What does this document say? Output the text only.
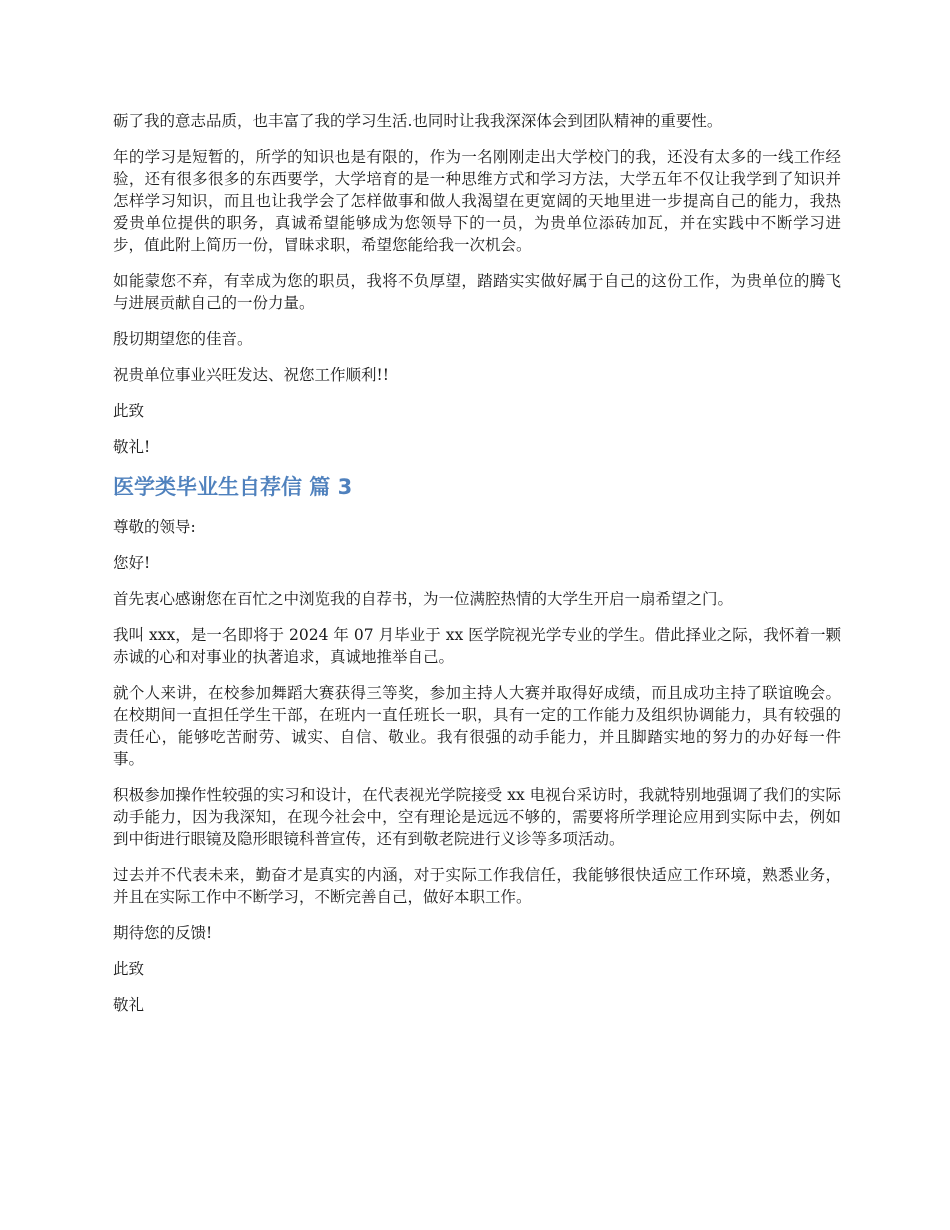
砺了我的意志品质，也丰富了我的学习生活.也同时让我我深深体会到团队精神的重要性。

年的学习是短暂的，所学的知识也是有限的，作为一名刚刚走出大学校门的我，还没有太多的一线工作经验，还有很多很多的东西要学，大学培育的是一种思维方式和学习方法，大学五年不仅让我学到了知识并怎样学习知识，而且也让我学会了怎样做事和做人我渴望在更宽阔的天地里进一步提高自己的能力，我热爱贵单位提供的职务，真诚希望能够成为您领导下的一员，为贵单位添砖加瓦，并在实践中不断学习进步，值此附上简历一份，冒昧求职，希望您能给我一次机会。

如能蒙您不弃，有幸成为您的职员，我将不负厚望，踏踏实实做好属于自己的这份工作，为贵单位的腾飞与进展贡献自己的一份力量。

殷切期望您的佳音。

祝贵单位事业兴旺发达、祝您工作顺利!!

此致

敬礼!

医学类毕业生自荐信 篇 3

尊敬的领导:

您好!

首先衷心感谢您在百忙之中浏览我的自荐书，为一位满腔热情的大学生开启一扇希望之门。

我叫 xxx，是一名即将于 2024 年 07 月毕业于 xx 医学院视光学专业的学生。借此择业之际，我怀着一颗赤诚的心和对事业的执著追求，真诚地推举自己。

就个人来讲，在校参加舞蹈大赛获得三等奖，参加主持人大赛并取得好成绩，而且成功主持了联谊晚会。在校期间一直担任学生干部，在班内一直任班长一职，具有一定的工作能力及组织协调能力，具有较强的责任心，能够吃苦耐劳、诚实、自信、敬业。我有很强的动手能力，并且脚踏实地的努力的办好每一件事。

积极参加操作性较强的实习和设计，在代表视光学院接受 xx 电视台采访时，我就特别地强调了我们的实际动手能力，因为我深知，在现今社会中，空有理论是远远不够的，需要将所学理论应用到实际中去，例如到中街进行眼镜及隐形眼镜科普宣传，还有到敬老院进行义诊等多项活动。

过去并不代表未来，勤奋才是真实的内涵，对于实际工作我信任，我能够很快适应工作环境，熟悉业务，并且在实际工作中不断学习，不断完善自己，做好本职工作。

期待您的反馈!

此致

敬礼
